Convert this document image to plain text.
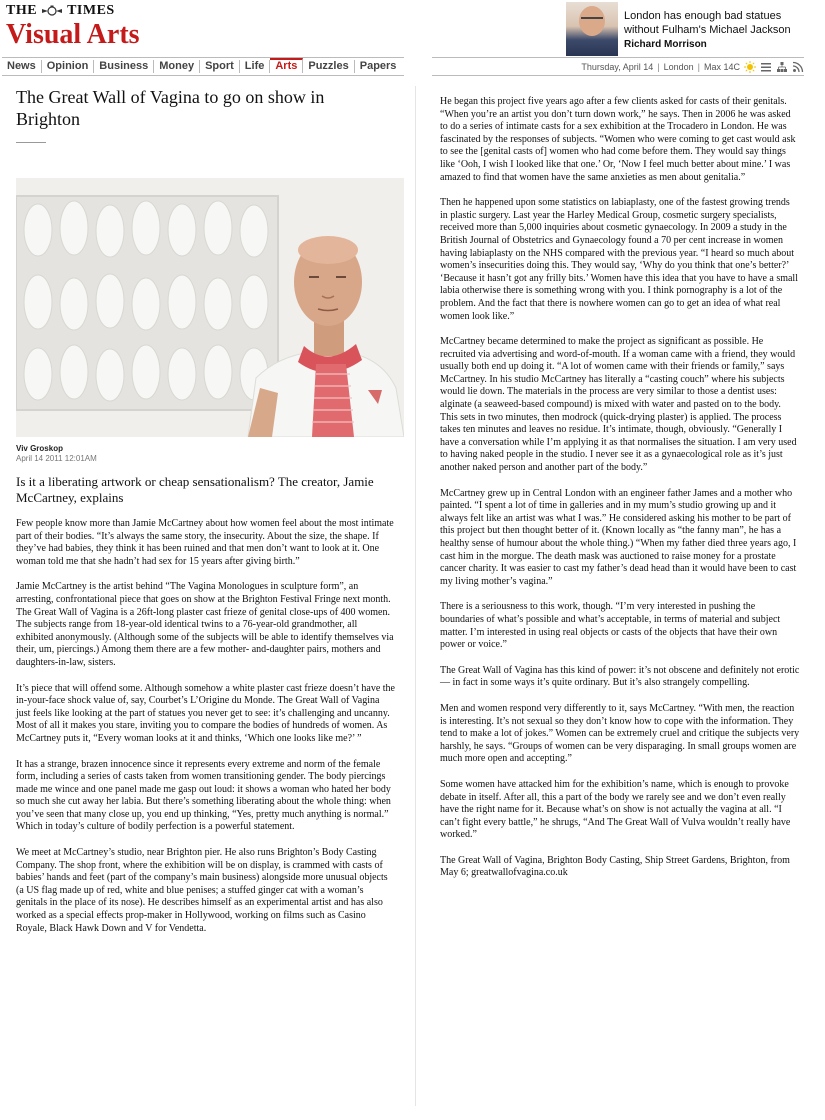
THE TIMES
Visual Arts
London has enough bad statues without Fulham's Michael Jackson
Richard Morrison
News	Opinion	Business	Money	Sport	Life	Arts	Puzzles	Papers	Thursday, April 14 | London | Max 14C
The Great Wall of Vagina to go on show in Brighton
Viv Groskop
April 14 2011 12:01AM
Is it a liberating artwork or cheap sensationalism? The creator, Jamie McCartney, explains

Few people know more than Jamie McCartney about how women feel about the most intimate part of their bodies. “It’s always the same story, the insecurity. About the size, the shape. If they’ve had babies, they think it has been ruined and that men don’t want to look at it. One woman told me that she hadn’t had sex for 15 years after giving birth.”

Jamie McCartney is the artist behind “The Vagina Monologues in sculpture form”, an arresting, confrontational piece that goes on show at the Brighton Festival Fringe next month. The Great Wall of Vagina is a 26ft-long plaster cast frieze of genital close-ups of 400 women. The subjects range from 18-year-old identical twins to a 76-year-old grandmother, all exhibited anonymously. (Although some of the subjects will be able to identify themselves via their, um, piercings.) Among them there are a few mother- and-daughter pairs, mothers and daughters-in-law, sisters.

It’s piece that will offend some. Although somehow a white plaster cast frieze doesn’t have the in-your-face shock value of, say, Courbet’s L’Origine du Monde. The Great Wall of Vagina just feels like looking at the part of statues you never get to see: it’s challenging and uncanny. Most of all it makes you stare, inviting you to compare the bodies of hundreds of women. As McCartney puts it, “Every woman looks at it and thinks, ‘Which one looks like me?’ ”

It has a strange, brazen innocence since it represents every extreme and norm of the female form, including a series of casts taken from women transitioning gender. The body piercings made me wince and one panel made me gasp out loud: it shows a woman who hated her body so much she cut away her labia. But there’s something liberating about the whole thing: when you’ve seen that many close up, you end up thinking, “Yes, pretty much anything is normal.” Which in today’s culture of bodily perfection is a powerful statement.

We meet at McCartney’s studio, near Brighton pier. He also runs Brighton’s Body Casting Company. The shop front, where the exhibition will be on display, is crammed with casts of babies’ hands and feet (part of the company’s main business) alongside more unusual objects (a US flag made up of red, white and blue penises; a stuffed ginger cat with a woman’s genitals in the place of its nose). He describes himself as an experimental artist and has also worked as a special effects prop-maker in Hollywood, working on films such as Casino Royale, Black Hawk Down and V for Vendetta.

He began this project five years ago after a few clients asked for casts of their genitals. “When you’re an artist you don’t turn down work,” he says. Then in 2006 he was asked to do a series of intimate casts for a sex exhibition at the Trocadero in London. He was fascinated by the responses of subjects. “Women who were coming to get cast would ask to see the [genital casts of] women who had come before them. They would say things like ‘Ooh, I wish I looked like that one.’ Or, ‘Now I feel much better about mine.’ I was amazed to find that women have the same anxieties as men about genitalia.”

Then he happened upon some statistics on labiaplasty, one of the fastest growing trends in plastic surgery. Last year the Harley Medical Group, cosmetic surgery specialists, received more than 5,000 inquiries about cosmetic gynaecology. In 2009 a study in the British Journal of Obstetrics and Gynaecology found a 70 per cent increase in women having labiaplasty on the NHS compared with the previous year. “I heard so much about women’s insecurities doing this. They would say, ‘Why do you think that one’s better?’ ‘Because it hasn’t got any frilly bits.’ Women have this idea that you have to have a small labia otherwise there is something wrong with you. I think pornography is a lot of the problem. And the fact that there is nowhere women can go to get an idea of what real women look like.”

McCartney became determined to make the project as significant as possible. He recruited via advertising and word-of-mouth. If a woman came with a friend, they would usually both end up doing it. “A lot of women came with their friends or family,” says McCartney. In his studio McCartney has literally a “casting couch” where his subjects would lie down. The materials in the process are very similar to those a dentist uses: alginate (a seaweed-based compound) is mixed with water and pasted on to the body. This sets in two minutes, then modrock (quick-drying plaster) is applied. The process takes ten minutes and leaves no residue. It’s intimate, though, obviously. “Generally I have a conversation while I’m applying it as that normalises the situation. I am very used to having naked people in the studio. I never see it as a gynaecological role as it’s just another naked person and another part of the body.”

McCartney grew up in Central London with an engineer father James and a mother who painted. “I spent a lot of time in galleries and in my mum’s studio growing up and it always felt like an artist was what I was.” He considered asking his mother to be part of this project but then thought better of it. (Known locally as “the fanny man”, he has a healthy sense of humour about the whole thing.) “When my father died three years ago, I cast him in the morgue. The death mask was auctioned to raise money for a prostate cancer charity. It was easier to cast my father’s dead head than it would have been to cast my living mother’s vagina.”

There is a seriousness to this work, though. “I’m very interested in pushing the boundaries of what’s possible and what’s acceptable, in terms of material and subject matter. I’m interested in using real objects or casts of the objects that have their own power or voice.”

The Great Wall of Vagina has this kind of power: it’s not obscene and definitely not erotic — in fact in some ways it’s quite ordinary. But it’s also strangely compelling.

Men and women respond very differently to it, says McCartney. “With men, the reaction is interesting. It’s not sexual so they don’t know how to cope with the information. They tend to make a lot of jokes.” Women can be extremely cruel and critique the subjects very harshly, he says. “Groups of women can be very disparaging. In small groups women are much more open and accepting.”

Some women have attacked him for the exhibition’s name, which is enough to provoke debate in itself. After all, this a part of the body we rarely see and we don’t even really have the right name for it. Because what’s on show is not actually the vagina at all. “I can’t fight every battle,” he shrugs, “And The Great Wall of Vulva wouldn’t really have worked.”

The Great Wall of Vagina, Brighton Body Casting, Ship Street Gardens, Brighton, from May 6; greatwallofvagina.co.uk
